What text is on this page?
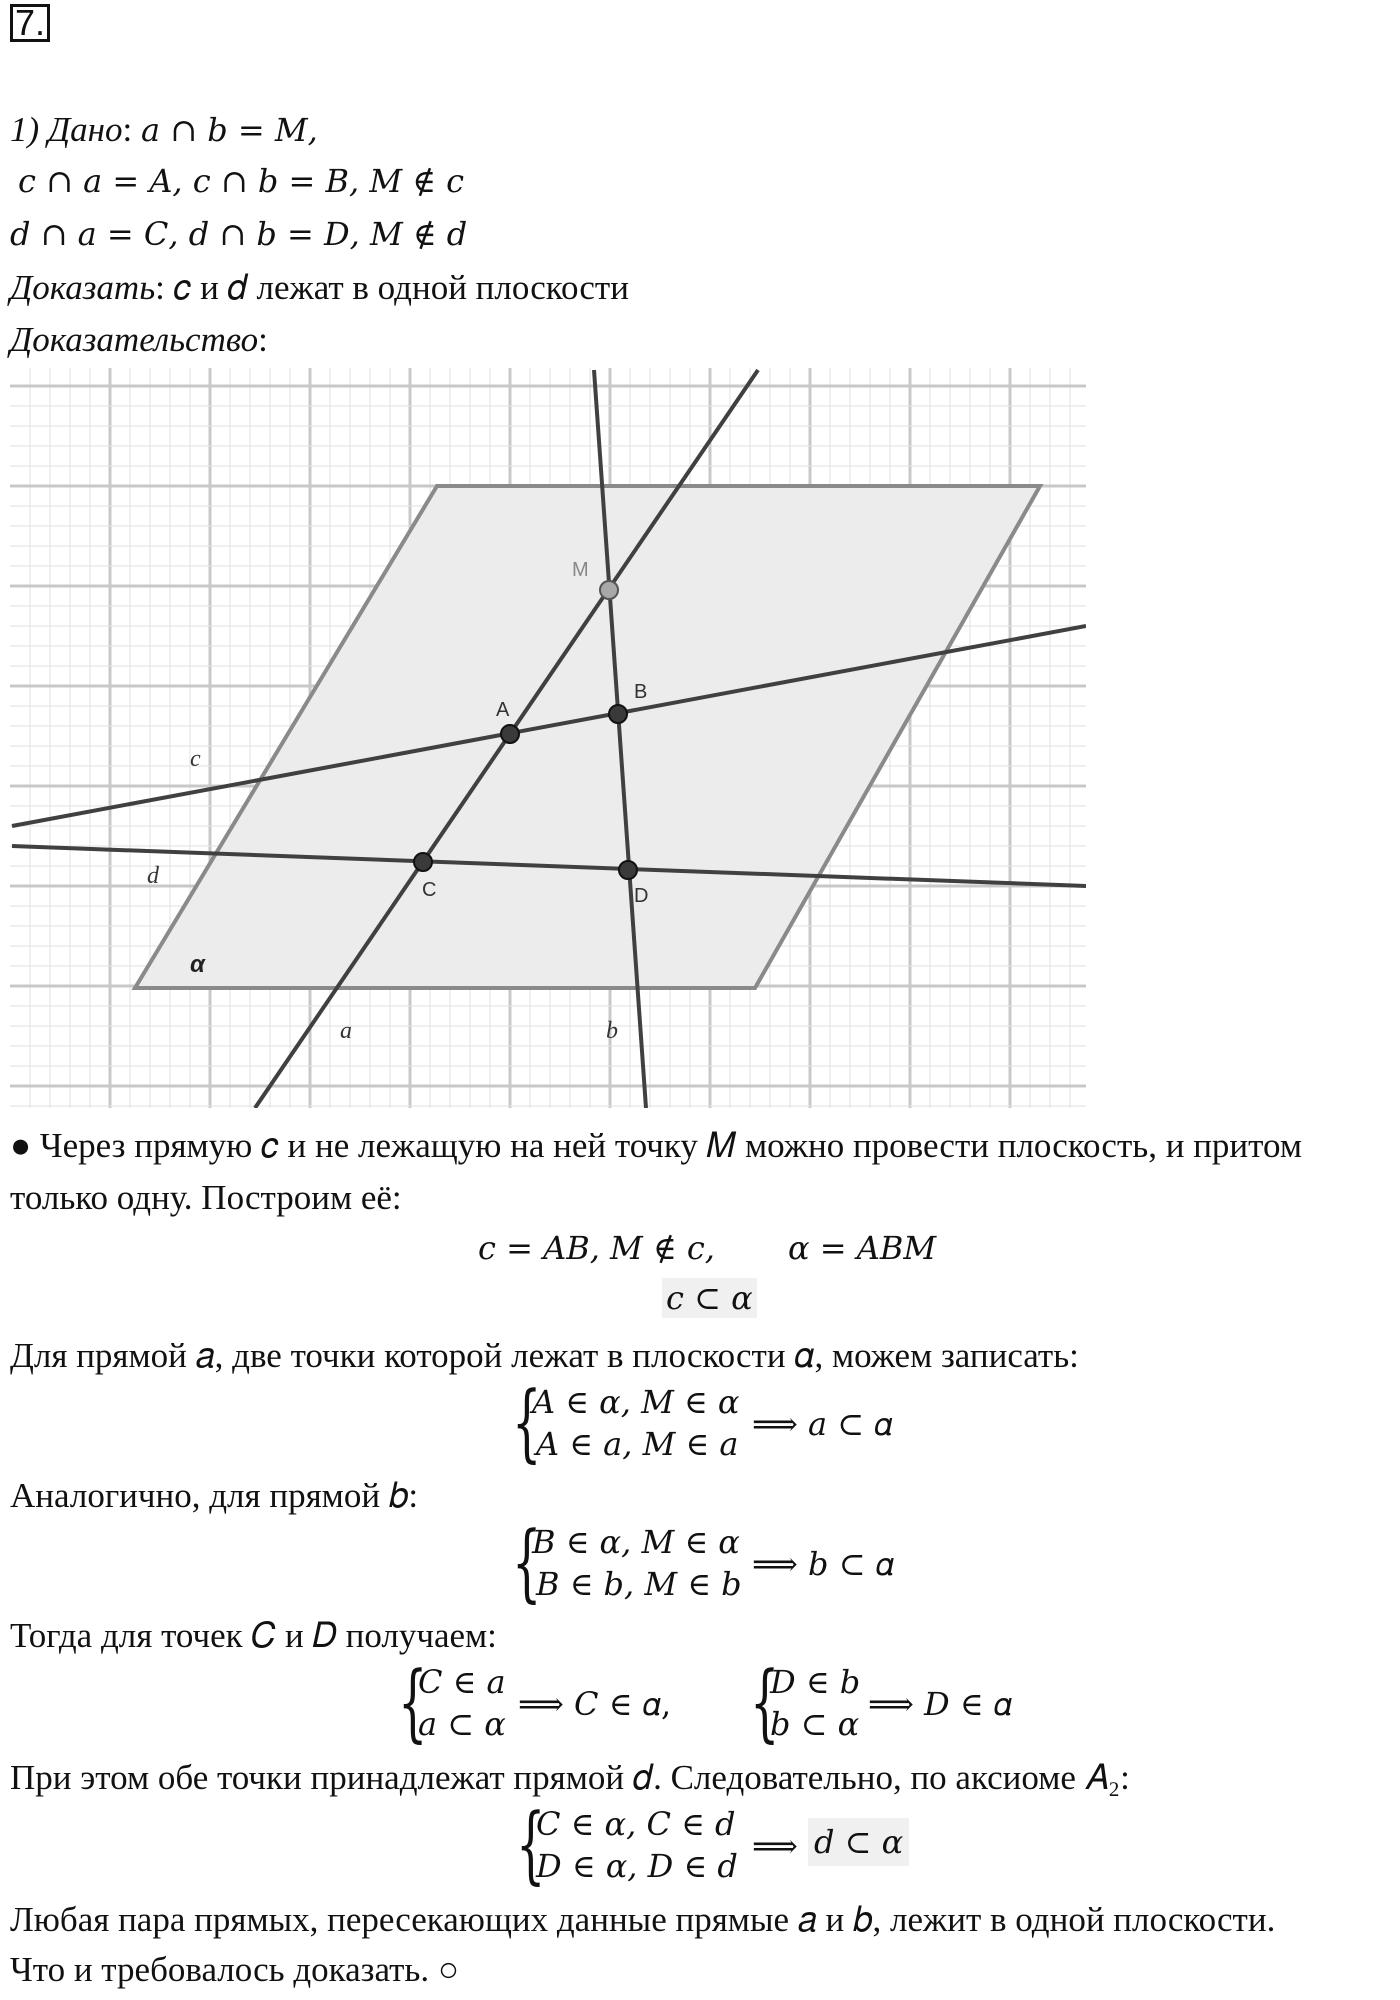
7.
1) Дано: 𝑎 ∩ 𝑏 = 𝑀,
𝑐 ∩ 𝑎 = 𝐴, 𝑐 ∩ 𝑏 = 𝐵, 𝑀 ∉ 𝑐
𝑑 ∩ 𝑎 = 𝐶, 𝑑 ∩ 𝑏 = 𝐷, 𝑀 ∉ 𝑑
Доказать: 𝑐 и 𝑑 лежат в одной плоскости
Доказательство:
M
A
B
C	D
a	b
c
d
α
● Через прямую 𝑐 и не лежащую на ней точку 𝑀 можно провести плоскость, и притом
только одну. Построим её:
𝑐 = 𝐴𝐵, 𝑀 ∉ 𝑐, 𝛼 = 𝐴𝐵𝑀
𝑐 ⊂ 𝛼
Для прямой 𝑎, две точки которой лежат в плоскости 𝛼, можем записать:
{
𝐴 ∈ 𝛼, 𝑀 ∈ 𝛼
𝐴 ∈ 𝑎, 𝑀 ∈ 𝑎
⟹ 𝑎 ⊂ 𝛼
Аналогично, для прямой 𝑏:
{
𝐵 ∈ 𝛼, 𝑀 ∈ 𝛼
𝐵 ∈ 𝑏, 𝑀 ∈ 𝑏
⟹ 𝑏 ⊂ 𝛼
Тогда для точек 𝐶 и 𝐷 получаем:
{
𝐶 ∈ 𝑎
𝑎 ⊂ 𝛼
⟹ 𝐶 ∈ 𝛼, {
𝐷 ∈ 𝑏
𝑏 ⊂ 𝛼
⟹ 𝐷 ∈ 𝛼
При этом обе точки принадлежат прямой 𝑑. Следовательно, по аксиоме 𝐴₂:
{
𝐶 ∈ 𝛼, 𝐶 ∈ 𝑑
𝐷 ∈ 𝛼, 𝐷 ∈ 𝑑
⟹ 𝑑 ⊂ 𝛼
Любая пара прямых, пересекающих данные прямые 𝑎 и 𝑏, лежит в одной плоскости.
Что и требовалось доказать. ○
